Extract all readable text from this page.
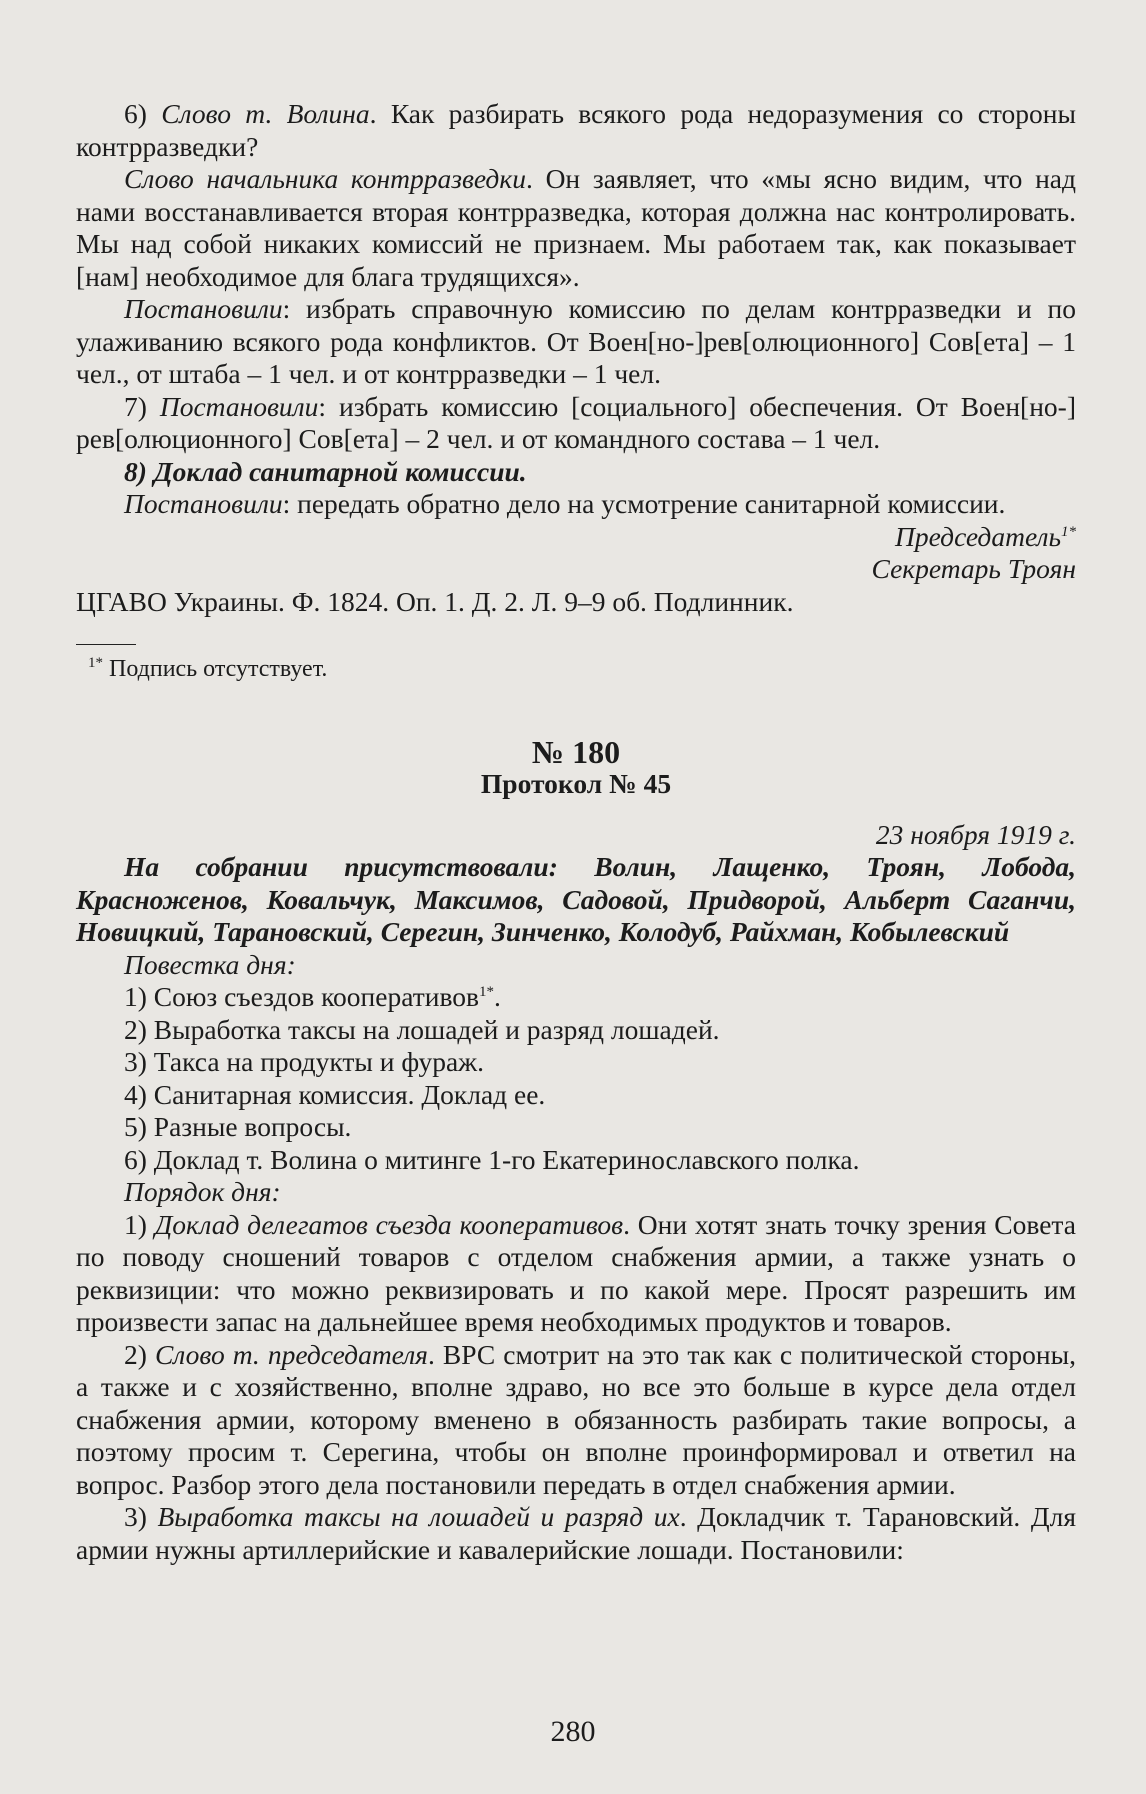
6) Слово т. Волина. Как разбирать всякого рода недоразумения со стороны контрразведки?

Слово начальника контрразведки. Он заявляет, что «мы ясно видим, что над нами восстанавливается вторая контрразведка, которая должна нас контролировать. Мы над собой никаких комиссий не признаем. Мы работаем так, как показывает [нам] необходимое для блага трудящихся».

Постановили: избрать справочную комиссию по делам контрразведки и по улаживанию всякого рода конфликтов. От Воен[но-]рев[олюционного] Сов[ета] – 1 чел., от штаба – 1 чел. и от контрразведки – 1 чел.

7) Постановили: избрать комиссию [социального] обеспечения. От Воен[но-] рев[олюционного] Сов[ета] – 2 чел. и от командного состава – 1 чел.

8) Доклад санитарной комиссии.

Постановили: передать обратно дело на усмотрение санитарной комиссии.

Председатель$^{1*}$

Секретарь Троян

ЦГАВО Украины. Ф. 1824. Оп. 1. Д. 2. Л. 9–9 об. Подлинник.

$^{1*}$ Подпись отсутствует.

№ 180

Протокол № 45

23 ноября 1919 г.

На собрании присутствовали: Волин, Лащенко, Троян, Лобода, Красноженов, Ковальчук, Максимов, Садовой, Придворой, Альберт Саганчи, Новицкий, Тарановский, Серегин, Зинченко, Колодуб, Райхман, Кобылевский

Повестка дня:

1) Союз съездов кооперативов$^{1*}$.

2) Выработка таксы на лошадей и разряд лошадей.

3) Такса на продукты и фураж.

4) Санитарная комиссия. Доклад ее.

5) Разные вопросы.

6) Доклад т. Волина о митинге 1-го Екатеринославского полка.

Порядок дня:

1) Доклад делегатов съезда кооперативов. Они хотят знать точку зрения Совета по поводу сношений товаров с отделом снабжения армии, а также узнать о реквизиции: что можно реквизировать и по какой мере. Просят разрешить им произвести запас на дальнейшее время необходимых продуктов и товаров.

2) Слово т. председателя. ВРС смотрит на это так как с политической стороны, а также и с хозяйственно, вполне здраво, но все это больше в курсе дела отдел снабжения армии, которому вменено в обязанность разбирать такие вопросы, а поэтому просим т. Серегина, чтобы он вполне проинформировал и ответил на вопрос. Разбор этого дела постановили передать в отдел снабжения армии.

3) Выработка таксы на лошадей и разряд их. Докладчик т. Тарановский. Для армии нужны артиллерийские и кавалерийские лошади. Постановили:

280
